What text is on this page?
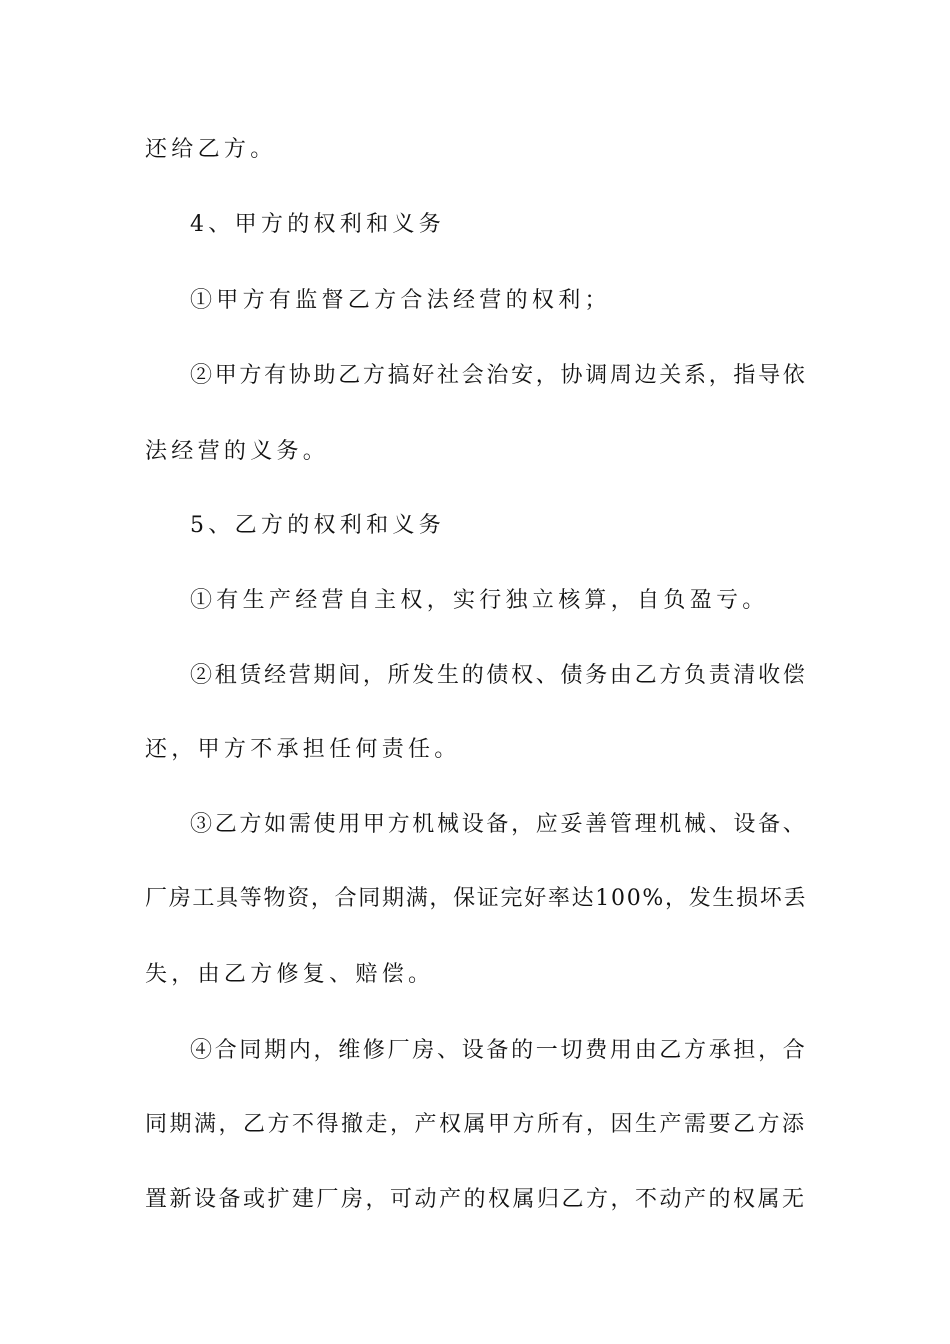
还给乙方。
4、甲方的权利和义务
①甲方有监督乙方合法经营的权利；
②甲方有协助乙方搞好社会治安，协调周边关系，指导依
法经营的义务。
5、乙方的权利和义务
①有生产经营自主权，实行独立核算，自负盈亏。
②租赁经营期间，所发生的债权、债务由乙方负责清收偿
还，甲方不承担任何责任。
③乙方如需使用甲方机械设备，应妥善管理机械、设备、
厂房工具等物资，合同期满，保证完好率达100%，发生损坏丢
失，由乙方修复、赔偿。
④合同期内，维修厂房、设备的一切费用由乙方承担，合
同期满，乙方不得撤走，产权属甲方所有，因生产需要乙方添
置新设备或扩建厂房，可动产的权属归乙方，不动产的权属无
